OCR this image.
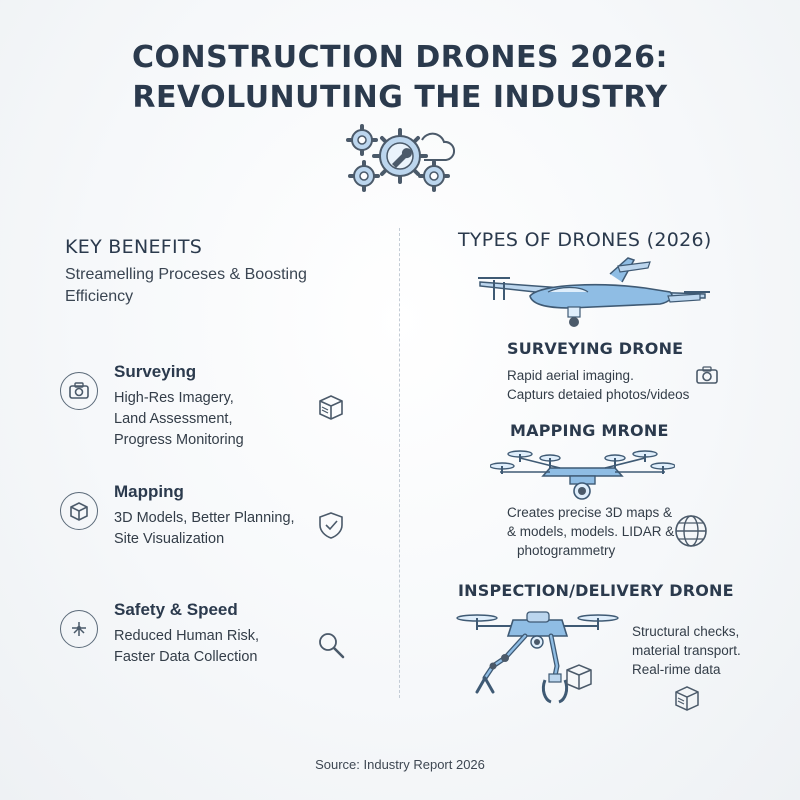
CONSTRUCTION DRONES 2026:
REVOLUNUTING THE INDUSTRY
KEY BENEFITS
Streamelling Proceses & Boosting Efficiency
Surveying
High-Res Imagery,
Land Assessment,
Progress Monitoring
Mapping
3D Models, Better Planning,
Site Visualization
Safety & Speed
Reduced Human Risk,
Faster Data Collection
TYPES OF DRONES (2026)
SURVEYING DRONE
Rapid aerial imaging.
Capturs detaied photos/videos
MAPPING MRONE
Creates precise 3D maps &
& models, models. LIDAR &
photogrammetry
INSPECTION/DELIVERY DRONE
Structural checks,
material transport.
Real-rime data
Source: Industry Report 2026
